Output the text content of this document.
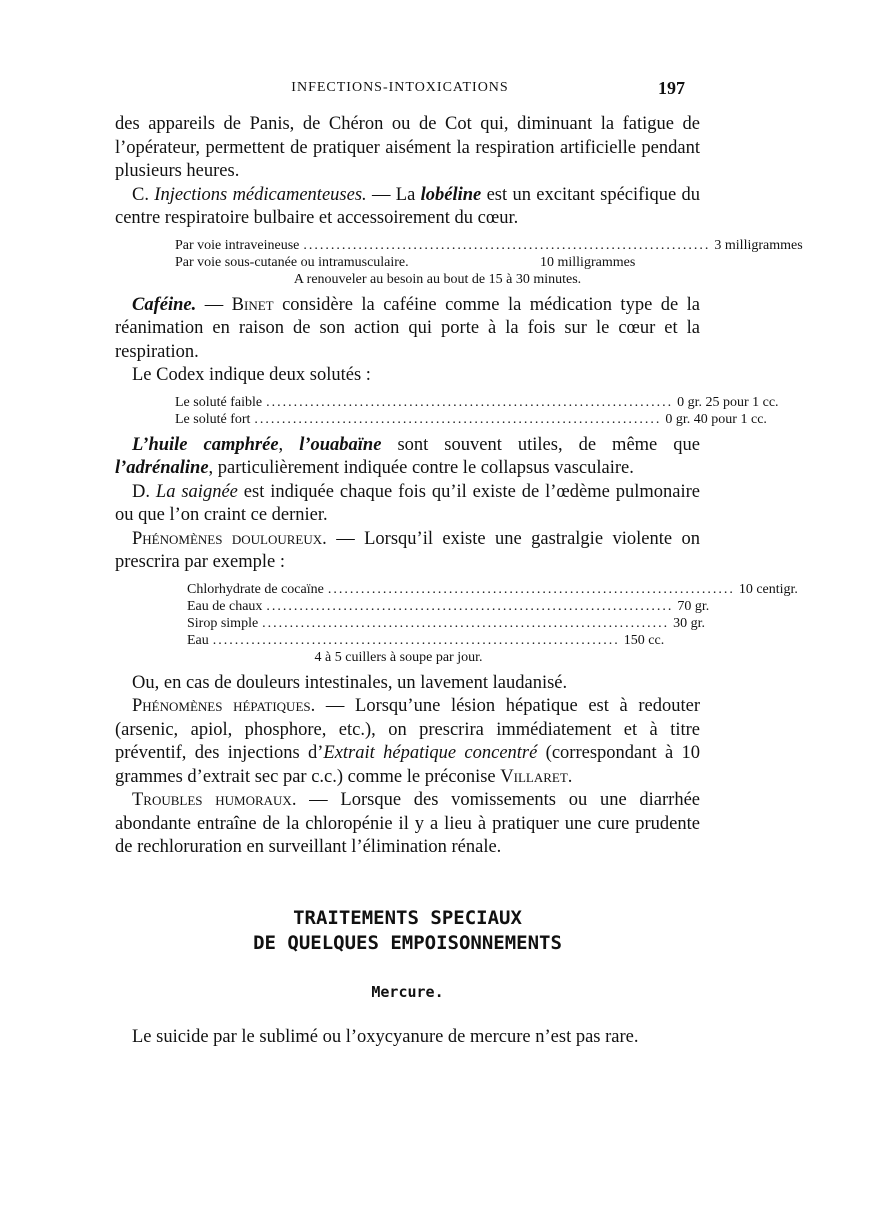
INFECTIONS-INTOXICATIONS	197

des appareils de Panis, de Chéron ou de Cot qui, diminuant la fatigue de l’opérateur, permettent de pratiquer aisément la respiration artificielle pendant plusieurs heures.

C. Injections médicamenteuses. — La lobéline est un excitant spécifique du centre respiratoire bulbaire et accessoirement du cœur.

Par voie intraveineuse .......................................................................... 3 milligrammes
Par voie sous-cutanée ou intramusculaire.	10 milligrammes
A renouveler au besoin au bout de 15 à 30 minutes.

Caféine. — Binet considère la caféine comme la médication type de la réanimation en raison de son action qui porte à la fois sur le cœur et la respiration.

Le Codex indique deux solutés :

Le soluté faible .......................................................................... 0 gr. 25 pour 1 cc.
Le soluté fort .......................................................................... 0 gr. 40 pour 1 cc.

L’huile camphrée, l’ouabaïne sont souvent utiles, de même que l’adrénaline, particulièrement indiquée contre le collapsus vasculaire.

D. La saignée est indiquée chaque fois qu’il existe de l’œdème pulmonaire ou que l’on craint ce dernier.

Phénomènes douloureux. — Lorsqu’il existe une gastralgie violente on prescrira par exemple :

Chlorhydrate de cocaïne .......................................................................... 10 centigr.
Eau de chaux .......................................................................... 70 gr.
Sirop simple .......................................................................... 30 gr.
Eau .......................................................................... 150 cc.
4 à 5 cuillers à soupe par jour.

Ou, en cas de douleurs intestinales, un lavement laudanisé.

Phénomènes hépatiques. — Lorsqu’une lésion hépatique est à redouter (arsenic, apiol, phosphore, etc.), on prescrira immédiatement et à titre préventif, des injections d’Extrait hépatique concentré (correspondant à 10 grammes d’extrait sec par c.c.) comme le préconise Villaret.

Troubles humoraux. — Lorsque des vomissements ou une diarrhée abondante entraîne de la chloropénie il y a lieu à pratiquer une cure prudente de rechloruration en surveillant l’élimination rénale.

TRAITEMENTS SPECIAUX
DE QUELQUES EMPOISONNEMENTS
Mercure.

Le suicide par le sublimé ou l’oxycyanure de mercure n’est pas rare.
